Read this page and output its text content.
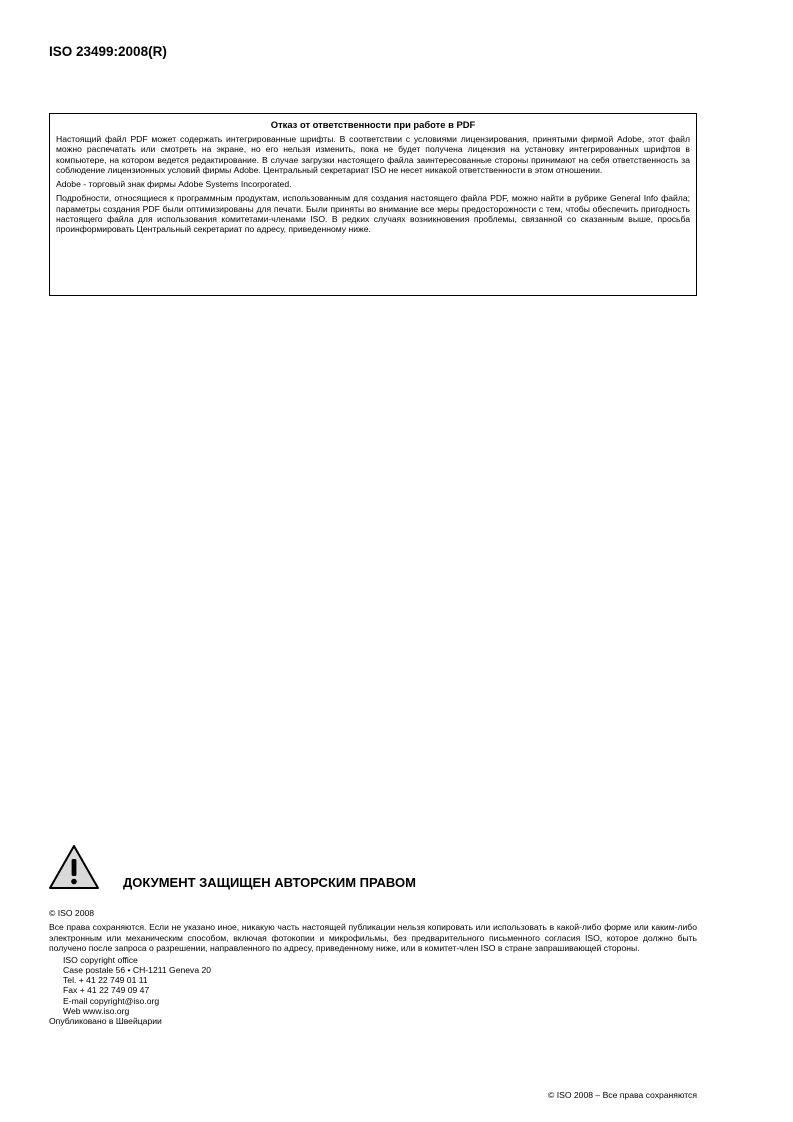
ISO 23499:2008(R)
Отказ от ответственности при работе в PDF

Настоящий файл PDF может содержать интегрированные шрифты. В соответствии с условиями лицензирования, принятыми фирмой Adobe, этот файл можно распечатать или смотреть на экране, но его нельзя изменить, пока не будет получена лицензия на установку интегрированных шрифтов в компьютере, на котором ведется редактирование. В случае загрузки настоящего файла заинтересованные стороны принимают на себя ответственность за соблюдение лицензионных условий фирмы Adobe. Центральный секретариат ISO не несет никакой ответственности в этом отношении.

Adobe - торговый знак фирмы Adobe Systems Incorporated.

Подробности, относящиеся к программным продуктам, использованным для создания настоящего файла PDF, можно найти в рубрике General Info файла; параметры создания PDF были оптимизированы для печати. Были приняты во внимание все меры предосторожности с тем, чтобы обеспечить пригодность настоящего файла для использования комитетами-членами ISO. В редких случаях возникновения проблемы, связанной со сказанным выше, просьба проинформировать Центральный секретариат по адресу, приведенному ниже.

ДОКУМЕНТ ЗАЩИЩЕН АВТОРСКИМ ПРАВОМ

© ISO 2008

Все права сохраняются. Если не указано иное, никакую часть настоящей публикации нельзя копировать или использовать в какой-либо форме или каким-либо электронным или механическим способом, включая фотокопии и микрофильмы, без предварительного письменного согласия ISO, которое должно быть получено после запроса о разрешении, направленного по адресу, приведенному ниже, или в комитет-член ISO в стране запрашивающей стороны.

ISO copyright office
Case postale 56 • CH-1211 Geneva 20
Tel. + 41 22 749 01 11
Fax + 41 22 749 09 47
E-mail copyright@iso.org
Web www.iso.org

Опубликовано в Швейцарии

© ISO 2008 – Все права сохраняются
